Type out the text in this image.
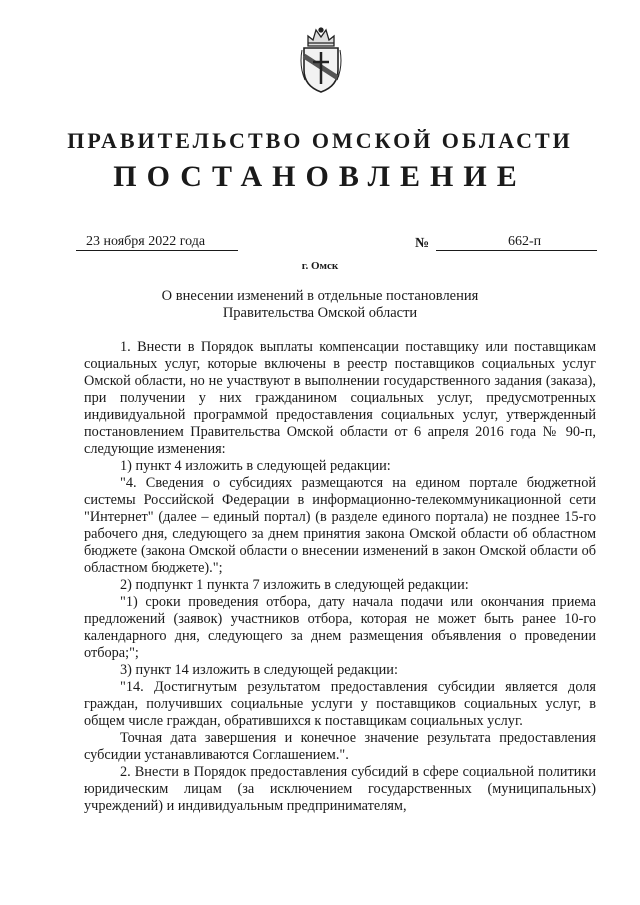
ПРАВИТЕЛЬСТВО ОМСКОЙ ОБЛАСТИ
ПОСТАНОВЛЕНИЕ
23 ноября 2022 года	№	662-п
г. Омск
О внесении изменений в отдельные постановления
Правительства Омской области

1. Внести в Порядок выплаты компенсации поставщику или поставщикам социальных услуг, которые включены в реестр поставщиков социальных услуг Омской области, но не участвуют в выполнении государственного задания (заказа), при получении у них гражданином социальных услуг, предусмотренных индивидуальной программой предоставления социальных услуг, утвержденный постановлением Правительства Омской области от 6 апреля 2016 года № 90-п, следующие изменения:

1) пункт 4 изложить в следующей редакции:

"4. Сведения о субсидиях размещаются на едином портале бюджетной системы Российской Федерации в информационно-телекоммуникационной сети "Интернет" (далее – единый портал) (в разделе единого портала) не позднее 15-го рабочего дня, следующего за днем принятия закона Омской области об областном бюджете (закона Омской области о внесении изменений в закон Омской области об областном бюджете).";

2) подпункт 1 пункта 7 изложить в следующей редакции:

"1) сроки проведения отбора, дату начала подачи или окончания приема предложений (заявок) участников отбора, которая не может быть ранее 10-го календарного дня, следующего за днем размещения объявления о проведении отбора;";

3) пункт 14 изложить в следующей редакции:

"14. Достигнутым результатом предоставления субсидии является доля граждан, получивших социальные услуги у поставщиков социальных услуг, в общем числе граждан, обратившихся к поставщикам социальных услуг.

Точная дата завершения и конечное значение результата предоставления субсидии устанавливаются Соглашением.".

2. Внести в Порядок предоставления субсидий в сфере социальной политики юридическим лицам (за исключением государственных (муниципальных) учреждений) и индивидуальным предпринимателям,
